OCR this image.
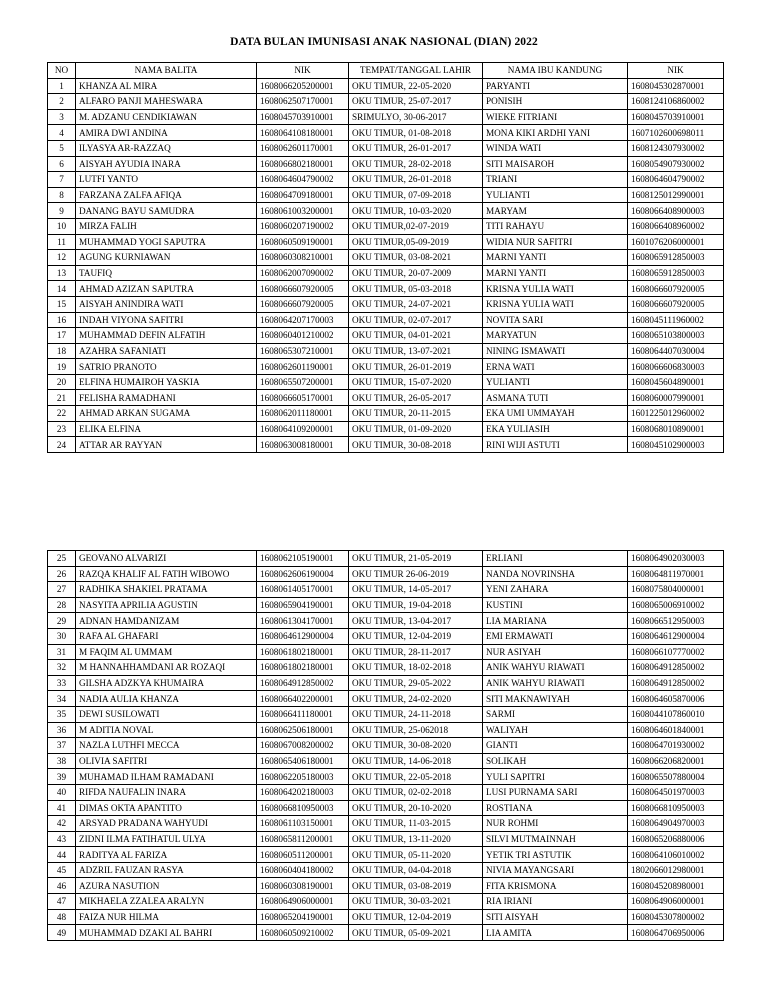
DATA BULAN IMUNISASI ANAK NASIONAL (DIAN) 2022
NO	NAMA BALITA	NIK	TEMPAT/TANGGAL LAHIR	NAMA IBU KANDUNG	NIK
1	KHANZA AL MIRA	1608066205200001	OKU TIMUR, 22-05-2020	PARYANTI	1608045302870001
2	ALFARO PANJI MAHESWARA	1608062507170001	OKU TIMUR, 25-07-2017	PONISIH	1608124106860002
3	M. ADZANU CENDIKIAWAN	1608045703910001	SRIMULYO, 30-06-2017	WIEKE FITRIANI	1608045703910001
4	AMIRA DWI ANDINA	1608064108180001	OKU TIMUR, 01-08-2018	MONA KIKI ARDHI YANI	1607102600698011
5	ILYASYA AR-RAZZAQ	1608062601170001	OKU TIMUR, 26-01-2017	WINDA WATI	1608124307930002
6	AISYAH AYUDIA INARA	1608066802180001	OKU TIMUR, 28-02-2018	SITI MAISAROH	1608054907930002
7	LUTFI YANTO	1608064604790002	OKU TIMUR, 26-01-2018	TRIANI	1608064604790002
8	FARZANA ZALFA AFIQA	1608064709180001	OKU TIMUR, 07-09-2018	YULIANTI	1608125012990001
9	DANANG BAYU SAMUDRA	1608061003200001	OKU TIMUR, 10-03-2020	MARYAM	1608066408900003
10	MIRZA FALIH	1608060207190002	OKU TIMUR,02-07-2019	TITI RAHAYU	1608066408960002
11	MUHAMMAD YOGI SAPUTRA	1608060509190001	OKU TIMUR,05-09-2019	WIDIA NUR SAFITRI	1601076206000001
12	AGUNG KURNIAWAN	1608060308210001	OKU TIMUR, 03-08-2021	MARNI YANTI	1608065912850003
13	TAUFIQ	1608062007090002	OKU TIMUR, 20-07-2009	MARNI YANTI	1608065912850003
14	AHMAD AZIZAN SAPUTRA	1608066607920005	OKU TIMUR, 05-03-2018	KRISNA YULIA WATI	1608066607920005
15	AISYAH ANINDIRA WATI	1608066607920005	OKU TIMUR, 24-07-2021	KRISNA YULIA WATI	1608066607920005
16	INDAH VIYONA SAFITRI	1608064207170003	OKU TIMUR, 02-07-2017	NOVITA SARI	1608045111960002
17	MUHAMMAD DEFIN ALFATIH	1608060401210002	OKU TIMUR, 04-01-2021	MARYATUN	1608065103800003
18	AZAHRA SAFANIATI	1608065307210001	OKU TIMUR, 13-07-2021	NINING ISMAWATI	1608064407030004
19	SATRIO PRANOTO	1608062601190001	OKU TIMUR, 26-01-2019	ERNA WATI	1608066606830003
20	ELFINA HUMAIROH YASKIA	1608065507200001	OKU TIMUR, 15-07-2020	YULIANTI	1608045604890001
21	FELISHA RAMADHANI	1608066605170001	OKU TIMUR, 26-05-2017	ASMANA TUTI	1608060007990001
22	AHMAD ARKAN SUGAMA	1608062011180001	OKU TIMUR, 20-11-2015	EKA UMI UMMAYAH	1601225012960002
23	ELIKA ELFINA	1608064109200001	OKU TIMUR, 01-09-2020	EKA YULIASIH	1608068010890001
24	ATTAR AR RAYYAN	1608063008180001	OKU TIMUR, 30-08-2018	RINI WIJI ASTUTI	1608045102900003
25	GEOVANO ALVARIZI	1608062105190001	OKU TIMUR, 21-05-2019	ERLIANI	1608064902030003
26	RAZQA KHALIF AL FATIH WIBOWO	1608062606190004	OKU TIMUR 26-06-2019	NANDA NOVRINSHA	1608064811970001
27	RADHIKA SHAKIEL PRATAMA	1608061405170001	OKU TIMUR, 14-05-2017	YENI ZAHARA	1608075804000001
28	NASYITA APRILIA AGUSTIN	1608065904190001	OKU TIMUR, 19-04-2018	KUSTINI	1608065006910002
29	ADNAN HAMDANIZAM	1608061304170001	OKU TIMUR, 13-04-2017	LIA MARIANA	1608066512950003
30	RAFA AL GHAFARI	1608064612900004	OKU TIMUR, 12-04-2019	EMI ERMAWATI	1608064612900004
31	M FAQIM AL UMMAM	1608061802180001	OKU TIMUR, 28-11-2017	NUR ASIYAH	1608066107770002
32	M HANNAHHAMDANI AR ROZAQI	1608061802180001	OKU TIMUR, 18-02-2018	ANIK WAHYU RIAWATI	1608064912850002
33	GILSHA ADZKYA KHUMAIRA	1608064912850002	OKU TIMUR, 29-05-2022	ANIK WAHYU RIAWATI	1608064912850002
34	NADIA AULIA KHANZA	1608066402200001	OKU TIMUR, 24-02-2020	SITI MAKNAWIYAH	1608064605870006
35	DEWI SUSILOWATI	1608066411180001	OKU TIMUR, 24-11-2018	SARMI	1608044107860010
36	M ADITIA NOVAL	1608062506180001	OKU TIMUR, 25-062018	WALIYAH	1608064601840001
37	NAZLA LUTHFI MECCA	1608067008200002	OKU TIMUR, 30-08-2020	GIANTI	1608064701930002
38	OLIVIA SAFITRI	1608065406180001	OKU TIMUR, 14-06-2018	SOLIKAH	1608066206820001
39	MUHAMAD ILHAM RAMADANI	1608062205180003	OKU TIMUR, 22-05-2018	YULI SAPITRI	1608065507880004
40	RIFDA NAUFALIN INARA	1608064202180003	OKU TIMUR, 02-02-2018	LUSI PURNAMA SARI	1608064501970003
41	DIMAS OKTA APANTITO	1608066810950003	OKU TIMUR, 20-10-2020	ROSTIANA	1608066810950003
42	ARSYAD PRADANA WAHYUDI	1608061103150001	OKU TIMUR, 11-03-2015	NUR ROHMI	1608064904970003
43	ZIDNI ILMA FATIHATUL ULYA	1608065811200001	OKU TIMUR, 13-11-2020	SILVI MUTMAINNAH	1608065206880006
44	RADITYA AL FARIZA	1608060511200001	OKU TIMUR, 05-11-2020	YETIK TRI ASTUTIK	1608064106010002
45	ADZRIL FAUZAN RASYA	1608060404180002	OKU TIMUR, 04-04-2018	NIVIA MAYANGSARI	1802066012980001
46	AZURA NASUTION	1608060308190001	OKU TIMUR, 03-08-2019	FITA KRISMONA	1608045208980001
47	MIKHAELA ZZALEA ARALYN	1608064906000001	OKU TIMUR, 30-03-2021	RIA IRIANI	1608064906000001
48	FAIZA NUR HILMA	1608065204190001	OKU TIMUR, 12-04-2019	SITI AISYAH	1608045307800002
49	MUHAMMAD DZAKI AL BAHRI	1608060509210002	OKU TIMUR, 05-09-2021	LIA AMITA	1608064706950006
